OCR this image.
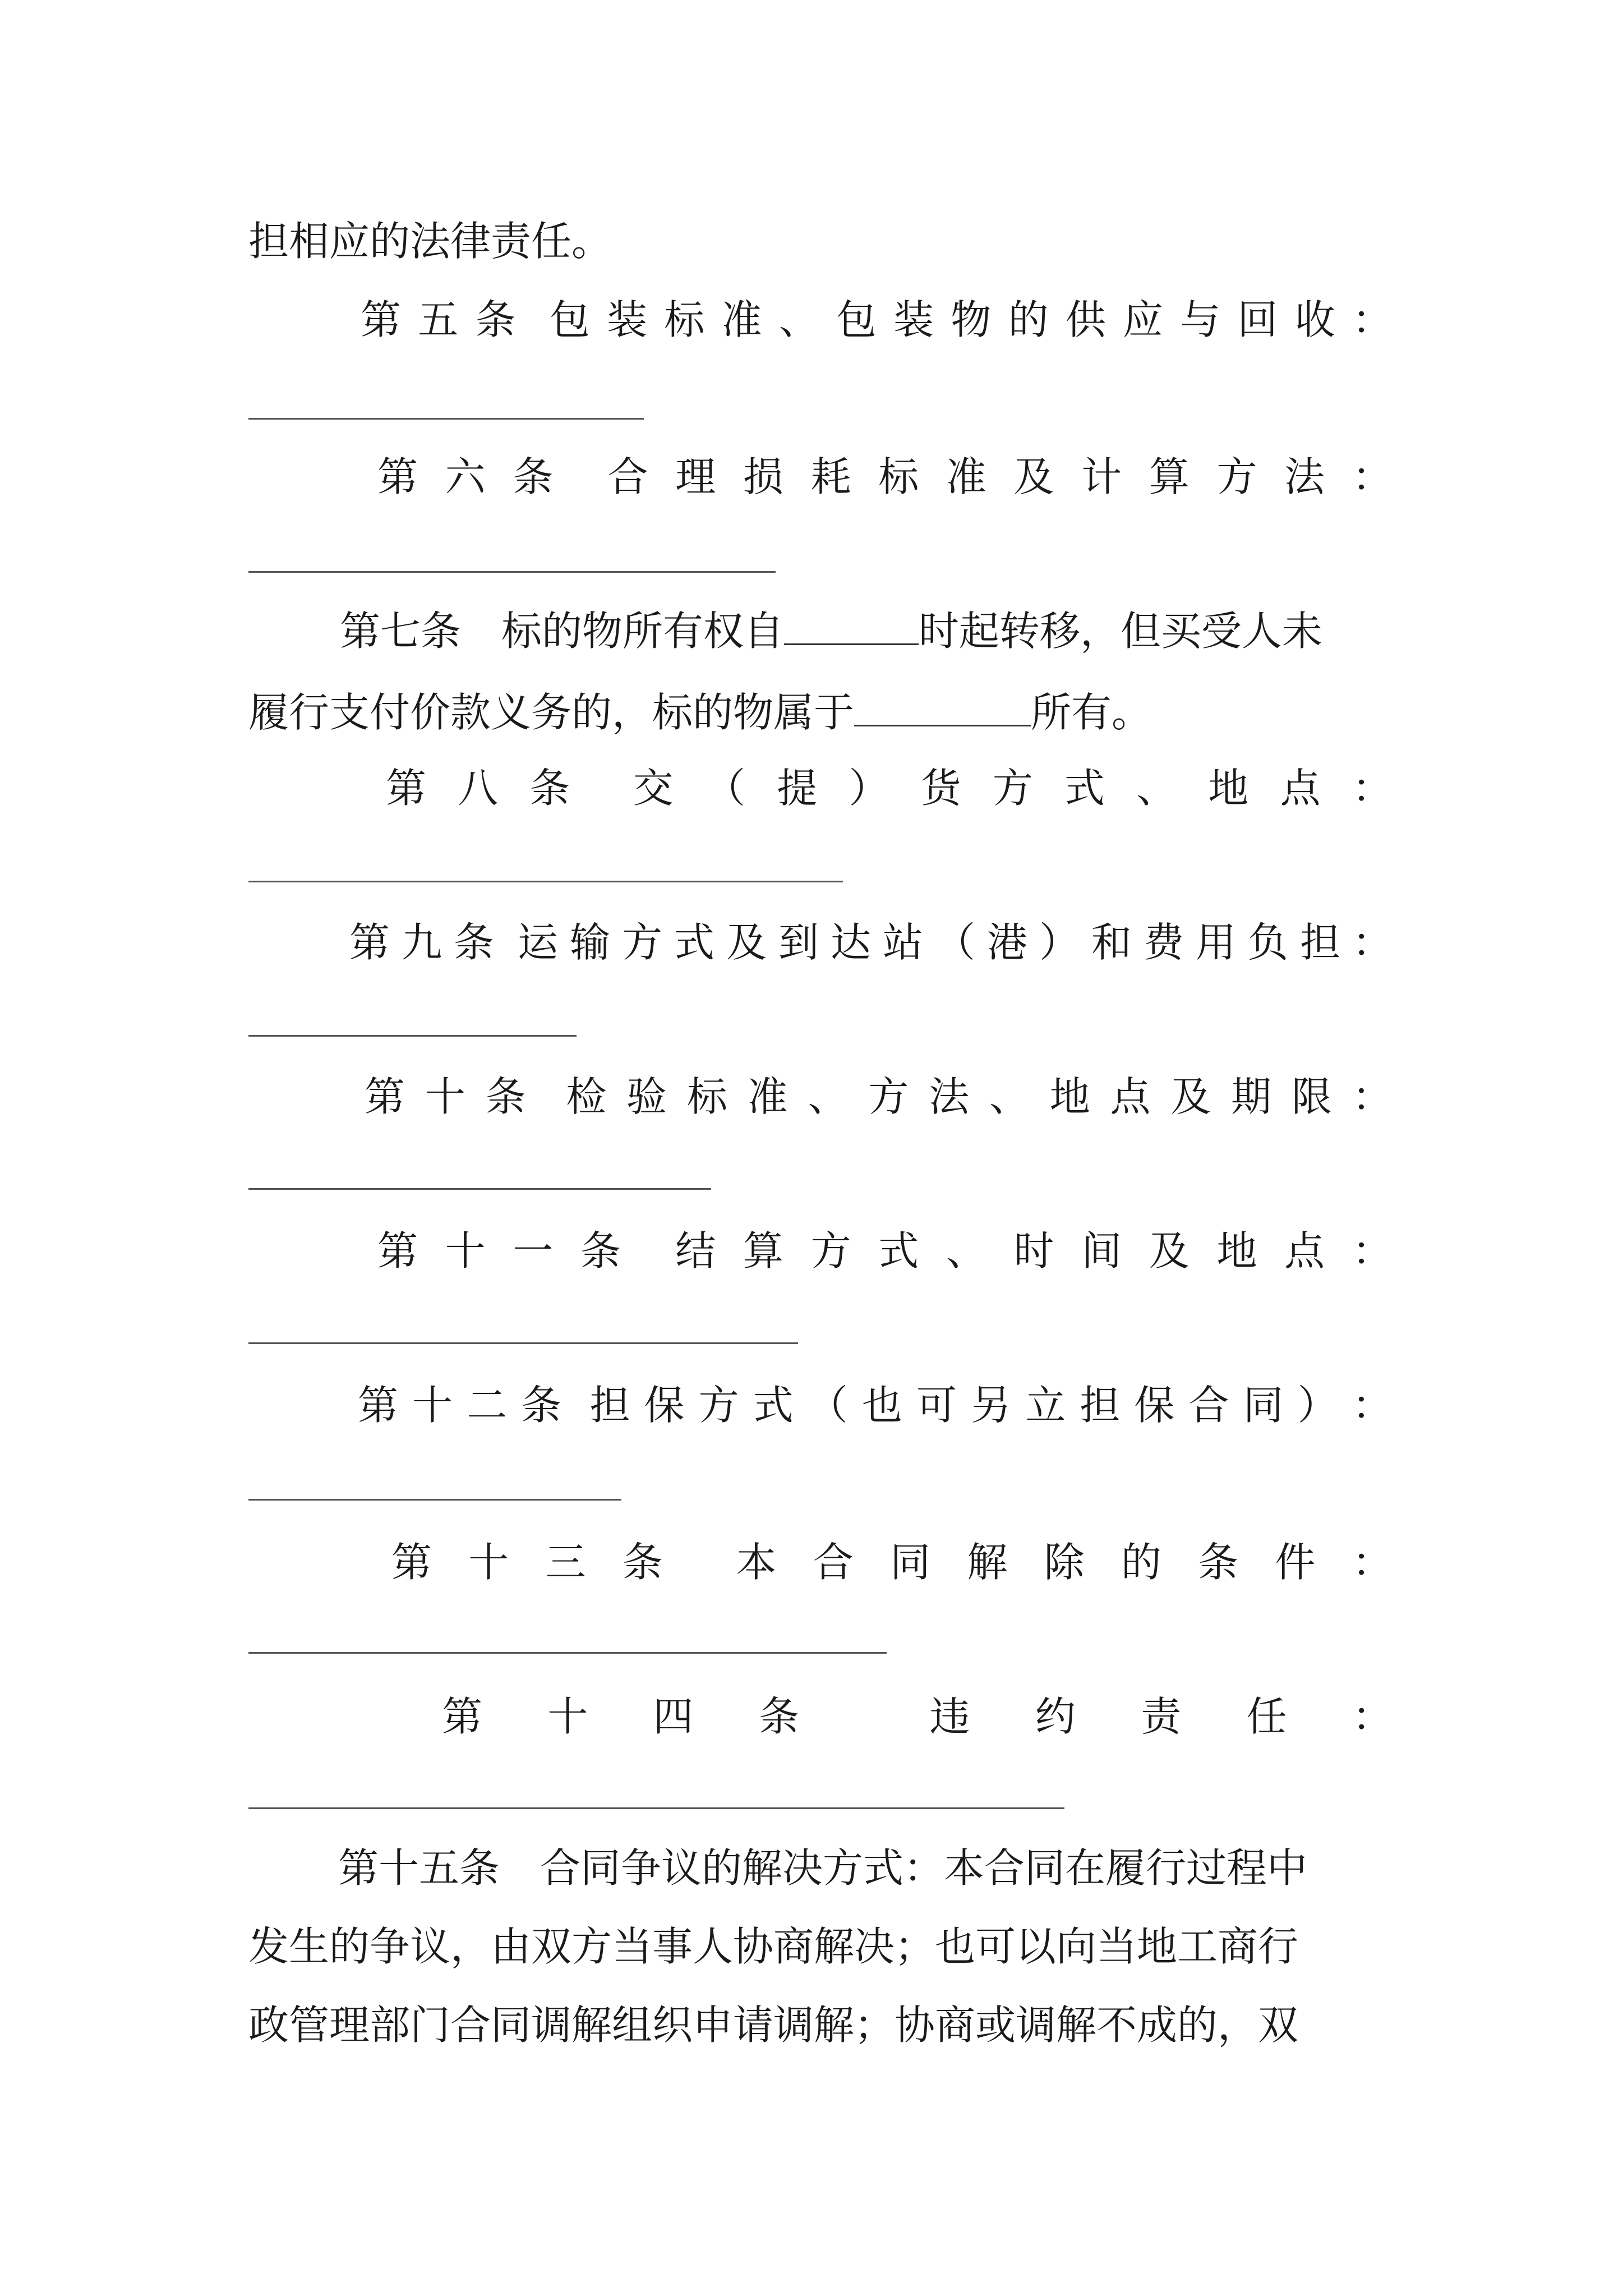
担相应的法律责任。
第 五 条 包 装 标 准 、 包 装 物 的 供 应 与 回 收 ：
第 六 条 合 理 损 耗 标 准 及 计 算 方 法 ：
第七条 标的物所有权自	时起转移，但买受人未
履行支付价款义务的，标的物属于	所有。
第 八 条 交 （ 提 ） 货 方 式 、 地 点 ：
第 九 条 运 输 方 式 及 到 达 站 （ 港 ） 和 费 用 负 担 ：
第 十 条 检 验 标 准 、 方 法 、 地 点 及 期 限 ：
第 十 一 条 结 算 方 式 、 时 间 及 地 点 ：
第 十 二 条 担 保 方 式 （ 也 可 另 立 担 保 合 同 ） ：
第 十 三 条 本 合 同 解 除 的 条 件 ：
第 十 四 条	违 约 责 任 ：
第十五条　合同争议的解决方式：本合同在履行过程中
发生的争议，由双方当事人协商解决；也可以向当地工商行
政管理部门合同调解组织申请调解；协商或调解不成的，双
